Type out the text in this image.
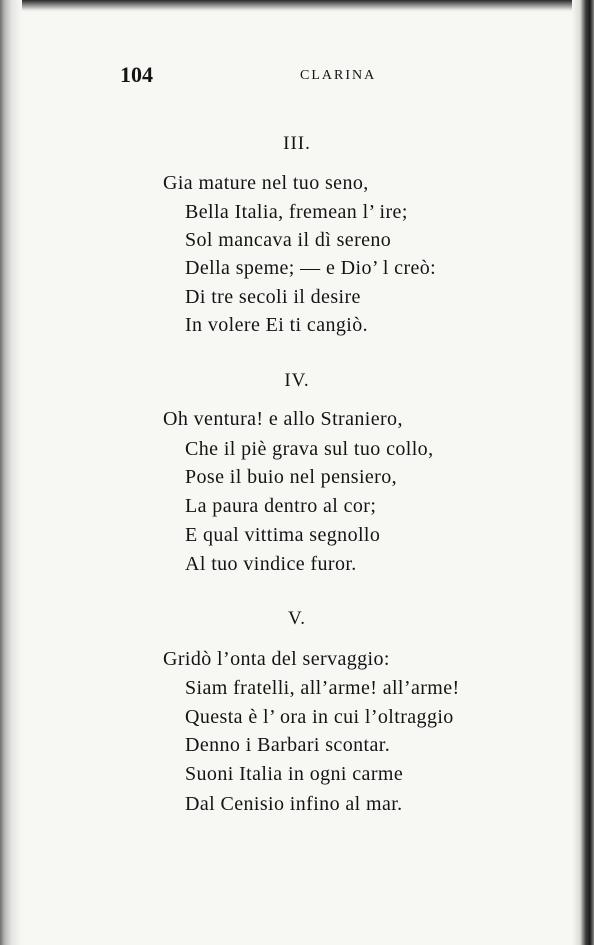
104	CLARINA
III.
Gia mature nel tuo seno,
Bella Italia, fremean l’ ire;
Sol mancava il dì sereno
Della speme; — e Dio’ l creò:
Di tre secoli il desire
In volere Ei ti cangiò.
IV.
Oh ventura! e allo Straniero,
Che il piè grava sul tuo collo,
Pose il buio nel pensiero,
La paura dentro al cor;
E qual vittima segnollo
Al tuo vindice furor.
V.
Gridò l’onta del servaggio:
Siam fratelli, all’arme! all’arme!
Questa è l’ ora in cui l’oltraggio
Denno i Barbari scontar.
Suoni Italia in ogni carme
Dal Cenisio infino al mar.
